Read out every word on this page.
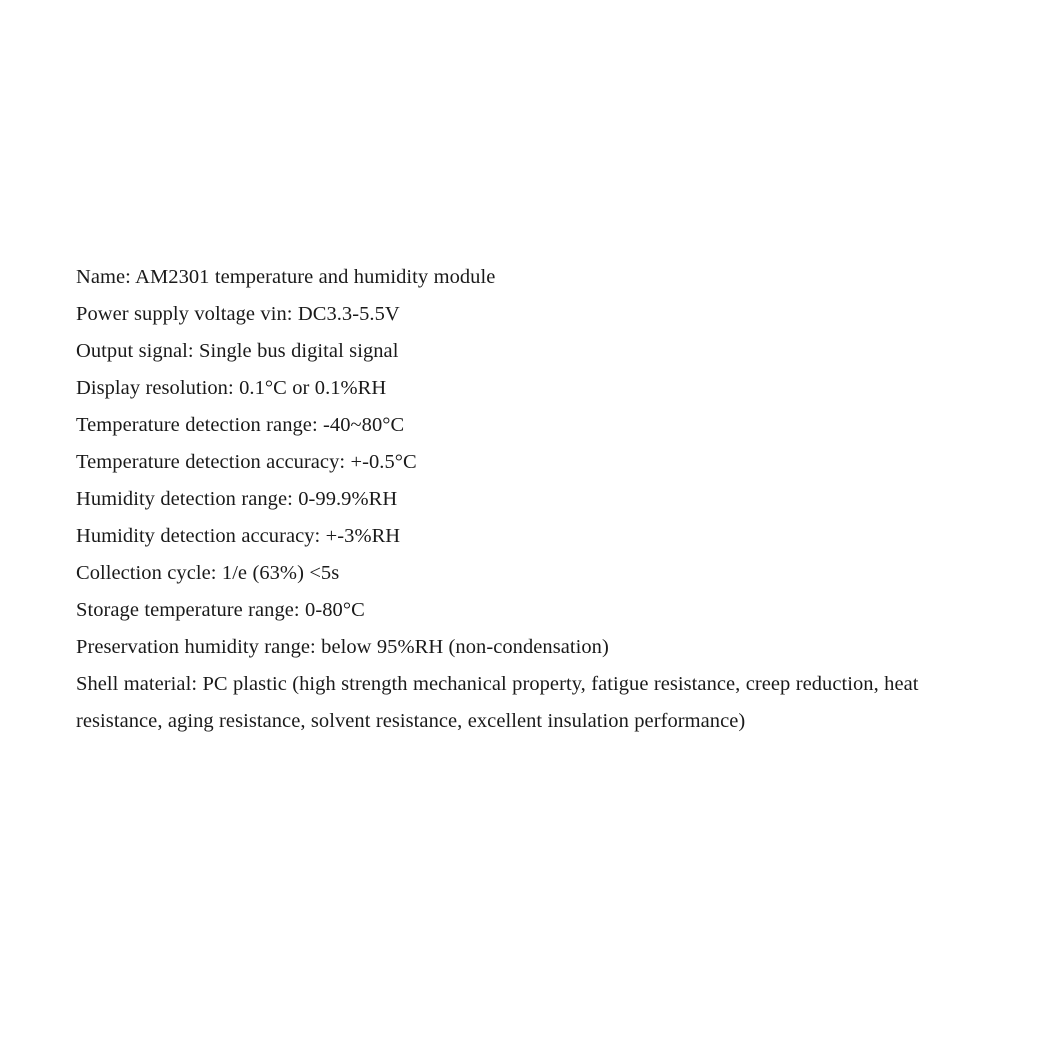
Name: AM2301 temperature and humidity module
Power supply voltage vin: DC3.3-5.5V
Output signal: Single bus digital signal
Display resolution: 0.1°C or 0.1%RH
Temperature detection range: -40~80°C
Temperature detection accuracy: +-0.5°C
Humidity detection range: 0-99.9%RH
Humidity detection accuracy: +-3%RH
Collection cycle: 1/e (63%) <5s
Storage temperature range: 0-80°C
Preservation humidity range: below 95%RH (non-condensation)
Shell material: PC plastic (high strength mechanical property, fatigue resistance, creep reduction, heat resistance, aging resistance, solvent resistance, excellent insulation performance)
